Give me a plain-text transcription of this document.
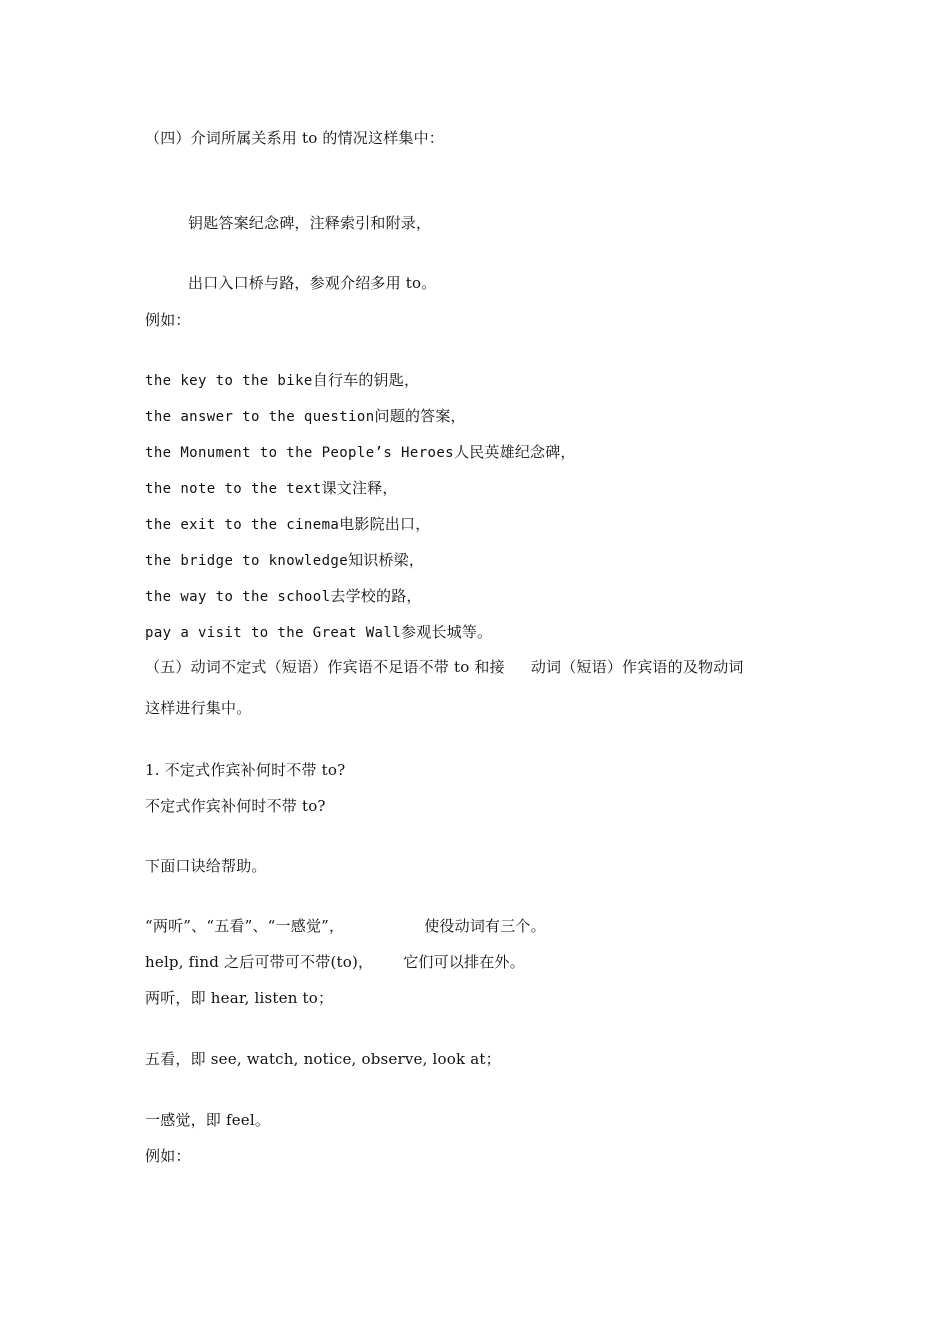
（四）介词所属关系用 to 的情况这样集中：
钥匙答案纪念碑，注释索引和附录，
出口入口桥与路，参观介绍多用 to。
例如：
the key to the bike自行车的钥匙，
the answer to the question问题的答案，
the Monument to the People’s Heroes人民英雄纪念碑，
the note to the text课文注释，
the exit to the cinema电影院出口，
the bridge to knowledge知识桥梁，
the way to the school去学校的路，
pay a visit to the Great Wall参观长城等。
（五）动词不定式（短语）作宾语不足语不带 to 和接 动词（短语）作宾语的及物动词
这样进行集中。
1. 不定式作宾补何时不带 to?
不定式作宾补何时不带 to?
下面口诀给帮助。
“两听”、“五看”、“一感觉”，	使役动词有三个。
help, find 之后可带可不带(to)， 它们可以排在外。
两听，即 hear, listen to；
五看，即 see, watch, notice, observe, look at；
一感觉，即 feel。
例如：
